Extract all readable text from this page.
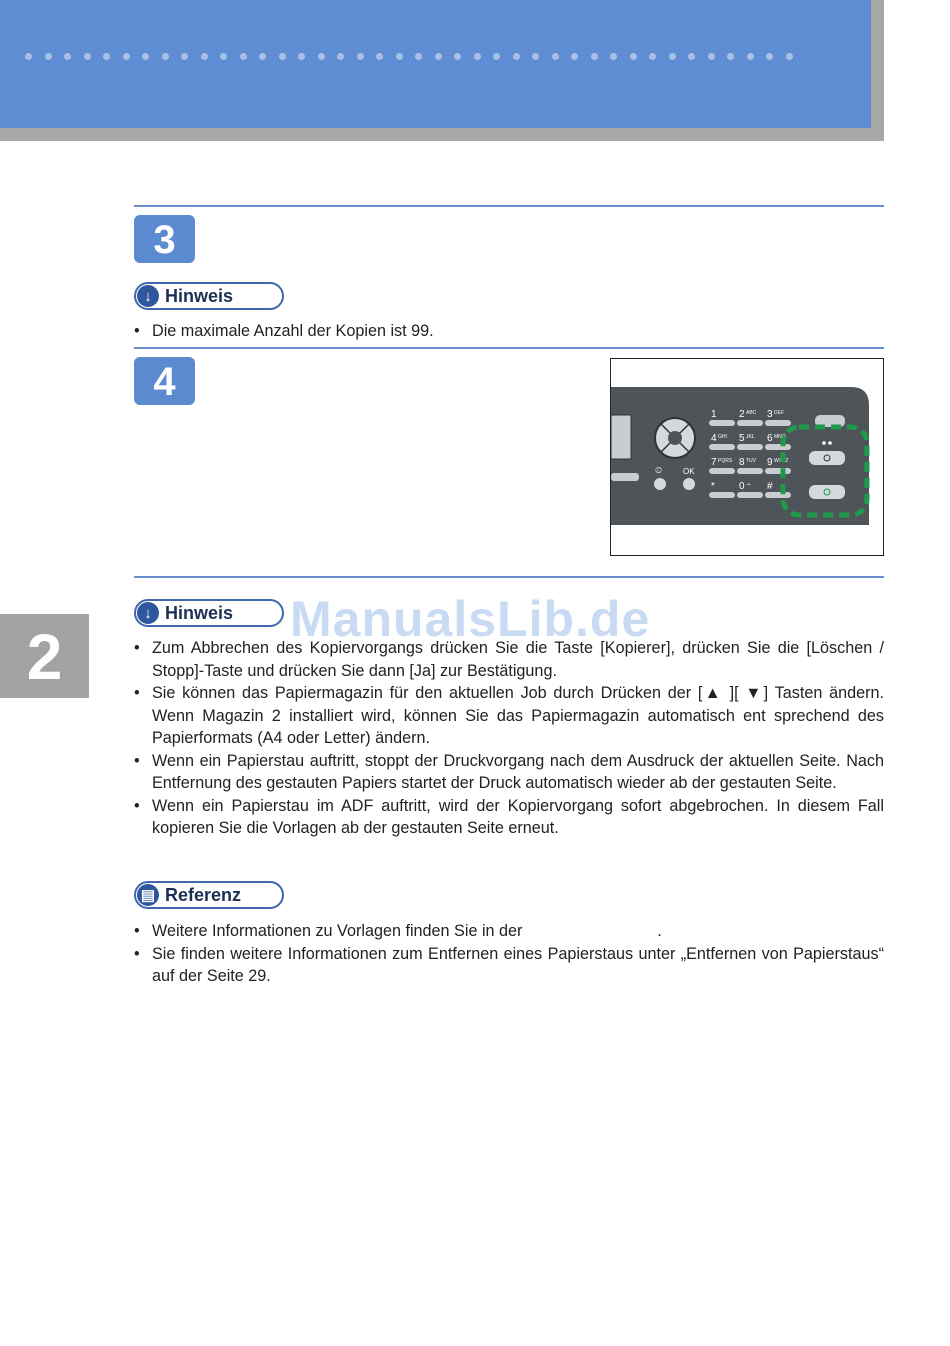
3
↓ Hinweis
• Die maximale Anzahl der Kopien ist 99.
4
⏲	OK
1 2 ABC 3 DEF
4 GHI 5 JKL 6 MNO
7 PQRS 8 TUV 9 WXYZ
* 0 -+ #
ManualsLib.de
↓ Hinweis
• Zum Abbrechen des Kopiervorgangs drücken Sie die Taste [Kopierer], drücken Sie die [Löschen / Stopp]-Taste und drücken Sie dann [Ja] zur Bestätigung.
• Sie können das Papiermagazin für den aktuellen Job durch Drücken der [▲ ][ ▼] Tasten ändern. Wenn Magazin 2 installiert wird, können Sie das Papiermagazin automatisch ent sprechend des Papierformats (A4 oder Letter) ändern.
• Wenn ein Papierstau auftritt, stoppt der Druckvorgang nach dem Ausdruck der aktuellen Seite. Nach Entfernung des gestauten Papiers startet der Druck automatisch wieder ab der gestauten Seite.
• Wenn ein Papierstau im ADF auftritt, wird der Kopiervorgang sofort abgebrochen. In diesem Fall kopieren Sie die Vorlagen ab der gestauten Seite erneut.
▤ Referenz
• Weitere Informationen zu Vorlagen finden Sie in der                              .
• Sie finden weitere Informationen zum Entfernen eines Papierstaus unter „Entfernen von Papierstaus“ auf der Seite 29.
2
